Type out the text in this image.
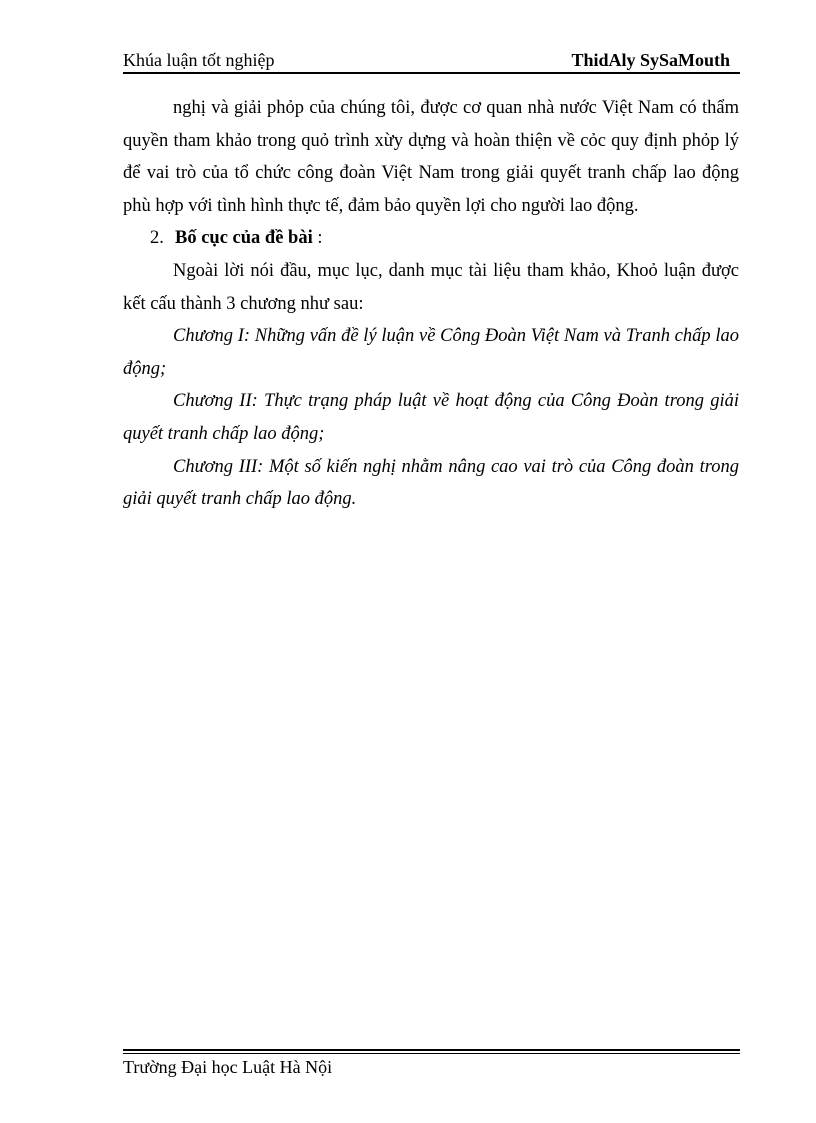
Khúa luận tốt nghiệp	ThidAly SySaMouth

nghị và giải phỏp của chúng tôi, được cơ quan nhà nước Việt Nam có thẩm quyền tham khảo trong quỏ trình xừy dựng và hoàn thiện về cỏc quy định phỏp lý để vai trò của tổ chức công đoàn Việt Nam trong giải quyết tranh chấp lao động phù hợp với tình hình thực tế, đảm bảo quyền lợi cho người lao động.

2. Bố cục của đề bài :

Ngoài lời nói đầu, mục lục, danh mục tài liệu tham khảo, Khoỏ luận được kết cấu thành 3 chương như sau:

Chương I: Những vấn đề lý luận về Công Đoàn Việt Nam và Tranh chấp lao động;

Chương II: Thực trạng pháp luật về hoạt động của Công Đoàn trong giải quyết tranh chấp lao động;

Chương III: Một số kiến nghị nhằm nâng cao vai trò của Công đoàn trong giải quyết tranh chấp lao động.

Trường Đại học Luật Hà Nội
